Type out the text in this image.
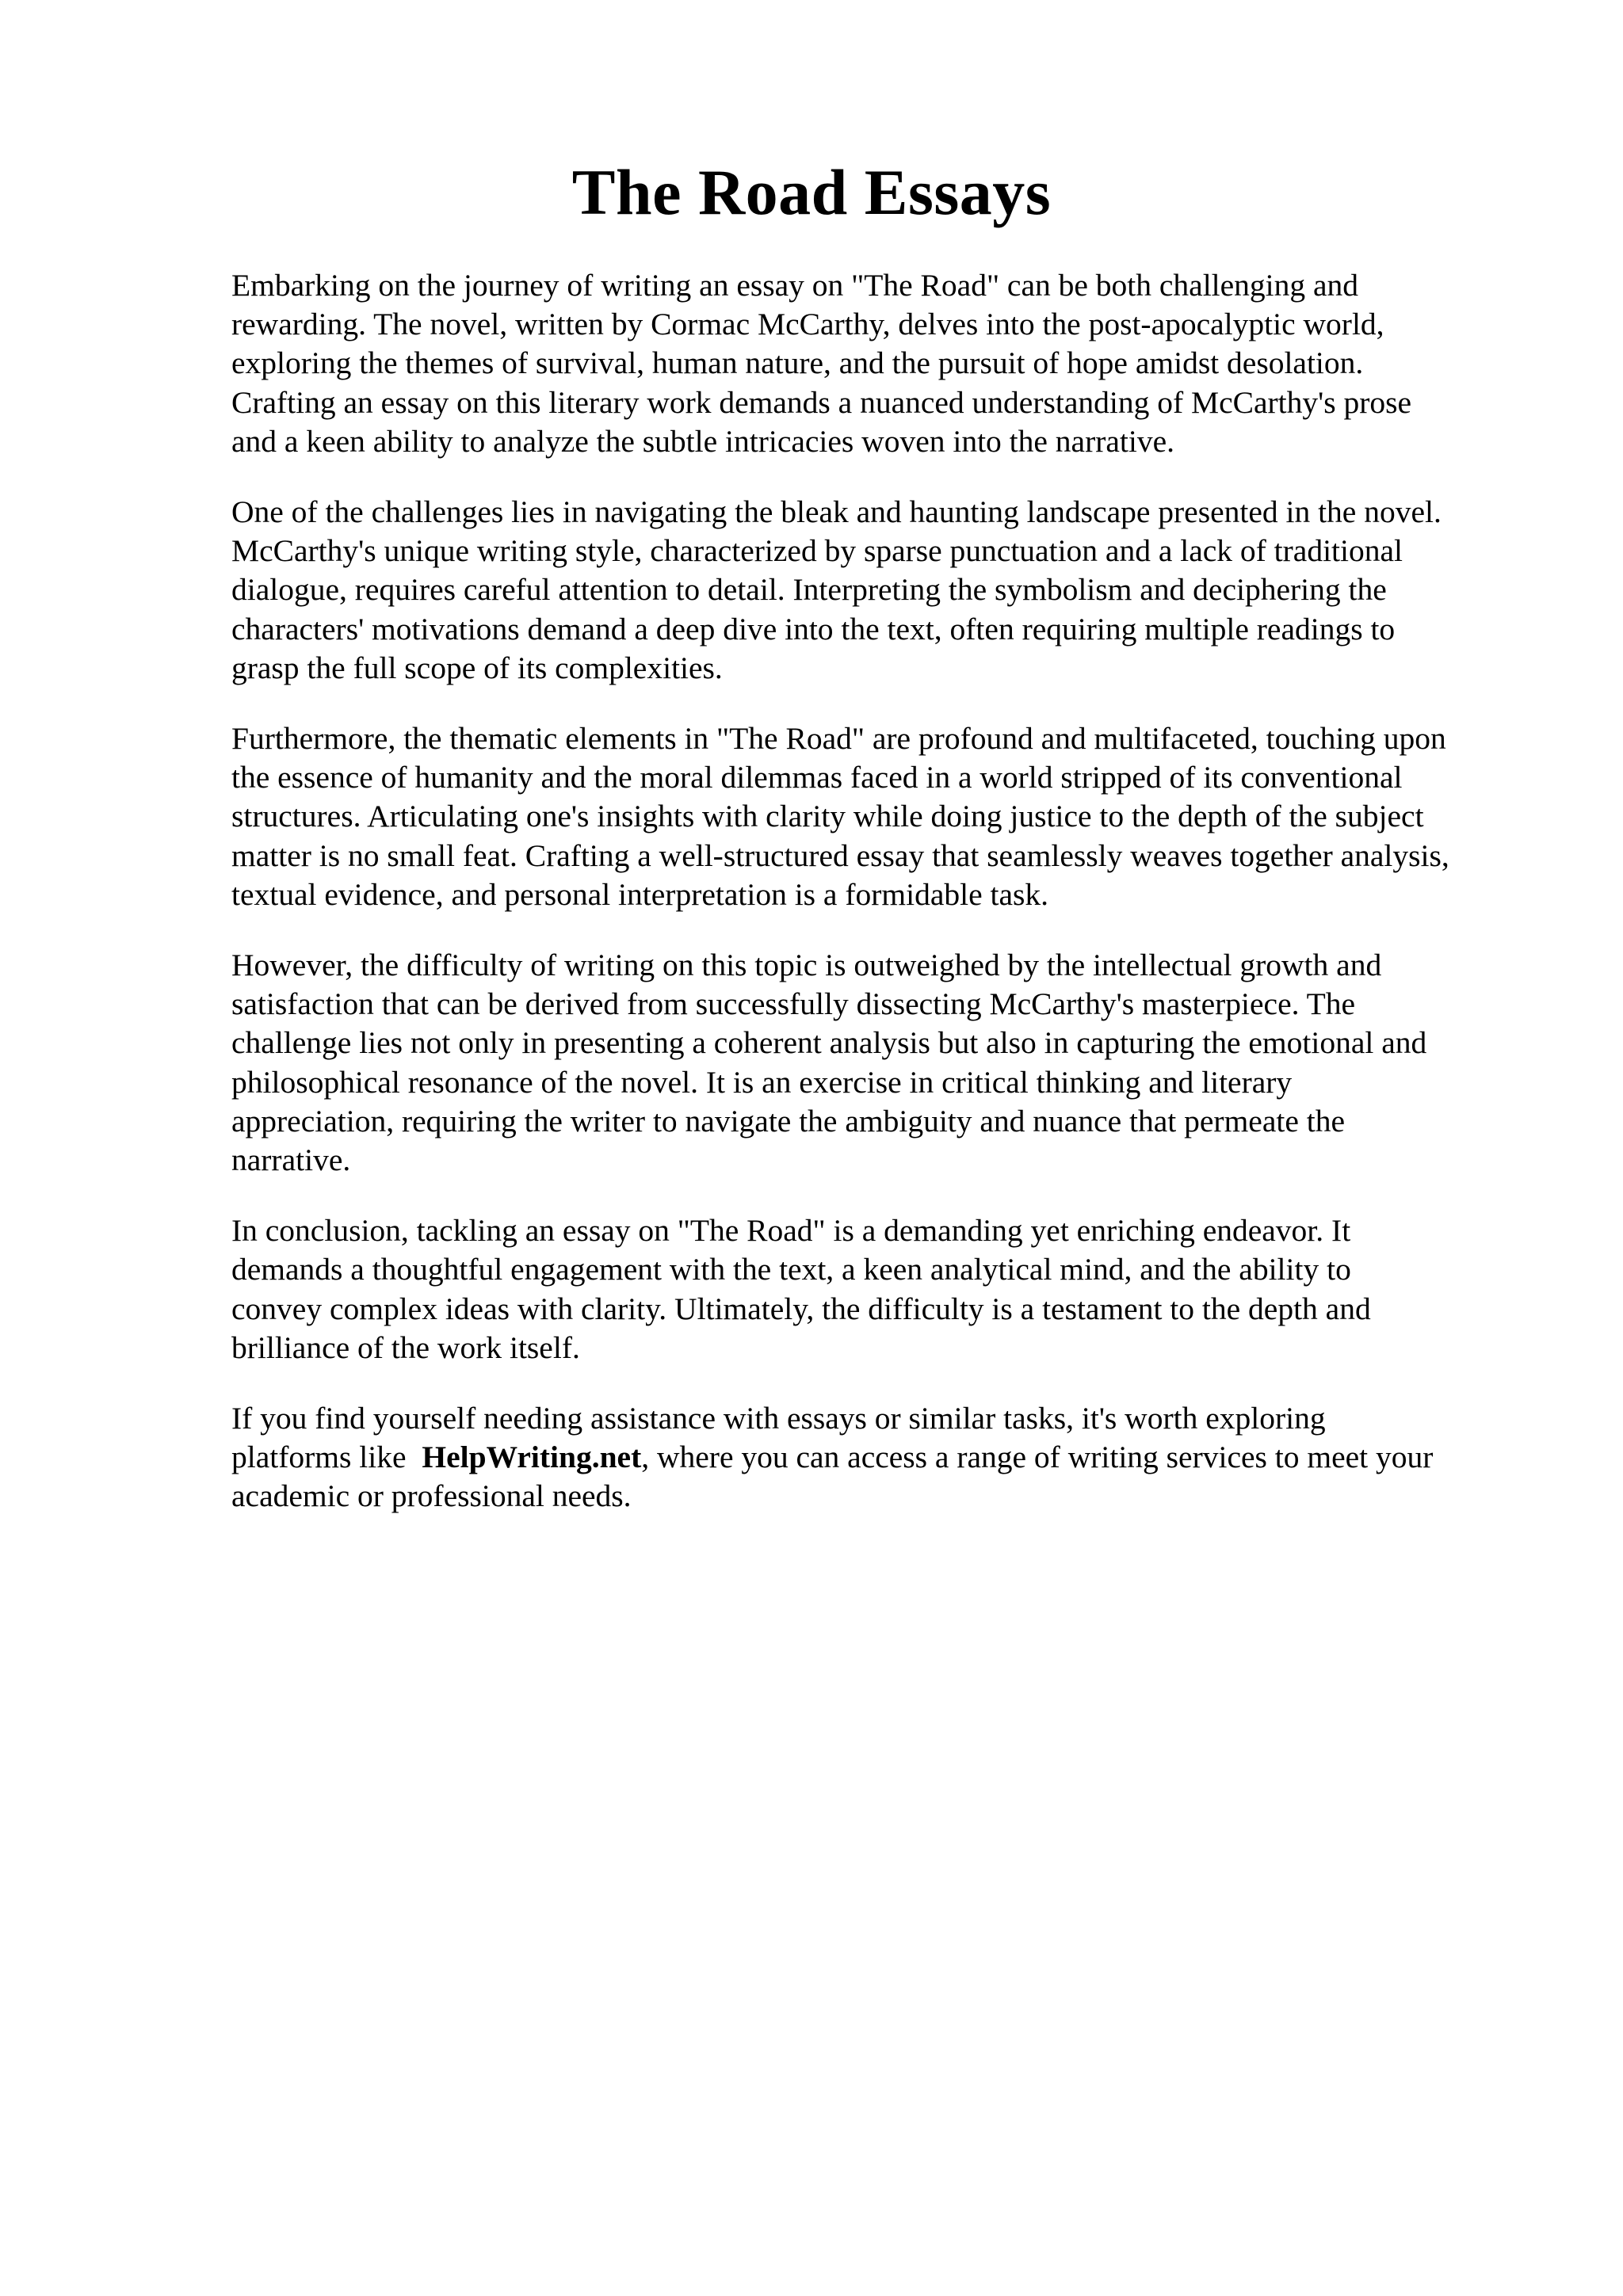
The Road Essays

Embarking on the journey of writing an essay on "The Road" can be both challenging and
rewarding. The novel, written by Cormac McCarthy, delves into the post-apocalyptic world,
exploring the themes of survival, human nature, and the pursuit of hope amidst desolation.
Crafting an essay on this literary work demands a nuanced understanding of McCarthy's prose
and a keen ability to analyze the subtle intricacies woven into the narrative.

One of the challenges lies in navigating the bleak and haunting landscape presented in the novel.
McCarthy's unique writing style, characterized by sparse punctuation and a lack of traditional
dialogue, requires careful attention to detail. Interpreting the symbolism and deciphering the
characters' motivations demand a deep dive into the text, often requiring multiple readings to
grasp the full scope of its complexities.

Furthermore, the thematic elements in "The Road" are profound and multifaceted, touching upon
the essence of humanity and the moral dilemmas faced in a world stripped of its conventional
structures. Articulating one's insights with clarity while doing justice to the depth of the subject
matter is no small feat. Crafting a well-structured essay that seamlessly weaves together analysis,
textual evidence, and personal interpretation is a formidable task.

However, the difficulty of writing on this topic is outweighed by the intellectual growth and
satisfaction that can be derived from successfully dissecting McCarthy's masterpiece. The
challenge lies not only in presenting a coherent analysis but also in capturing the emotional and
philosophical resonance of the novel. It is an exercise in critical thinking and literary
appreciation, requiring the writer to navigate the ambiguity and nuance that permeate the
narrative.

In conclusion, tackling an essay on "The Road" is a demanding yet enriching endeavor. It
demands a thoughtful engagement with the text, a keen analytical mind, and the ability to
convey complex ideas with clarity. Ultimately, the difficulty is a testament to the depth and
brilliance of the work itself.

If you find yourself needing assistance with essays or similar tasks, it's worth exploring
platforms like HelpWriting.net, where you can access a range of writing services to meet your
academic or professional needs.
